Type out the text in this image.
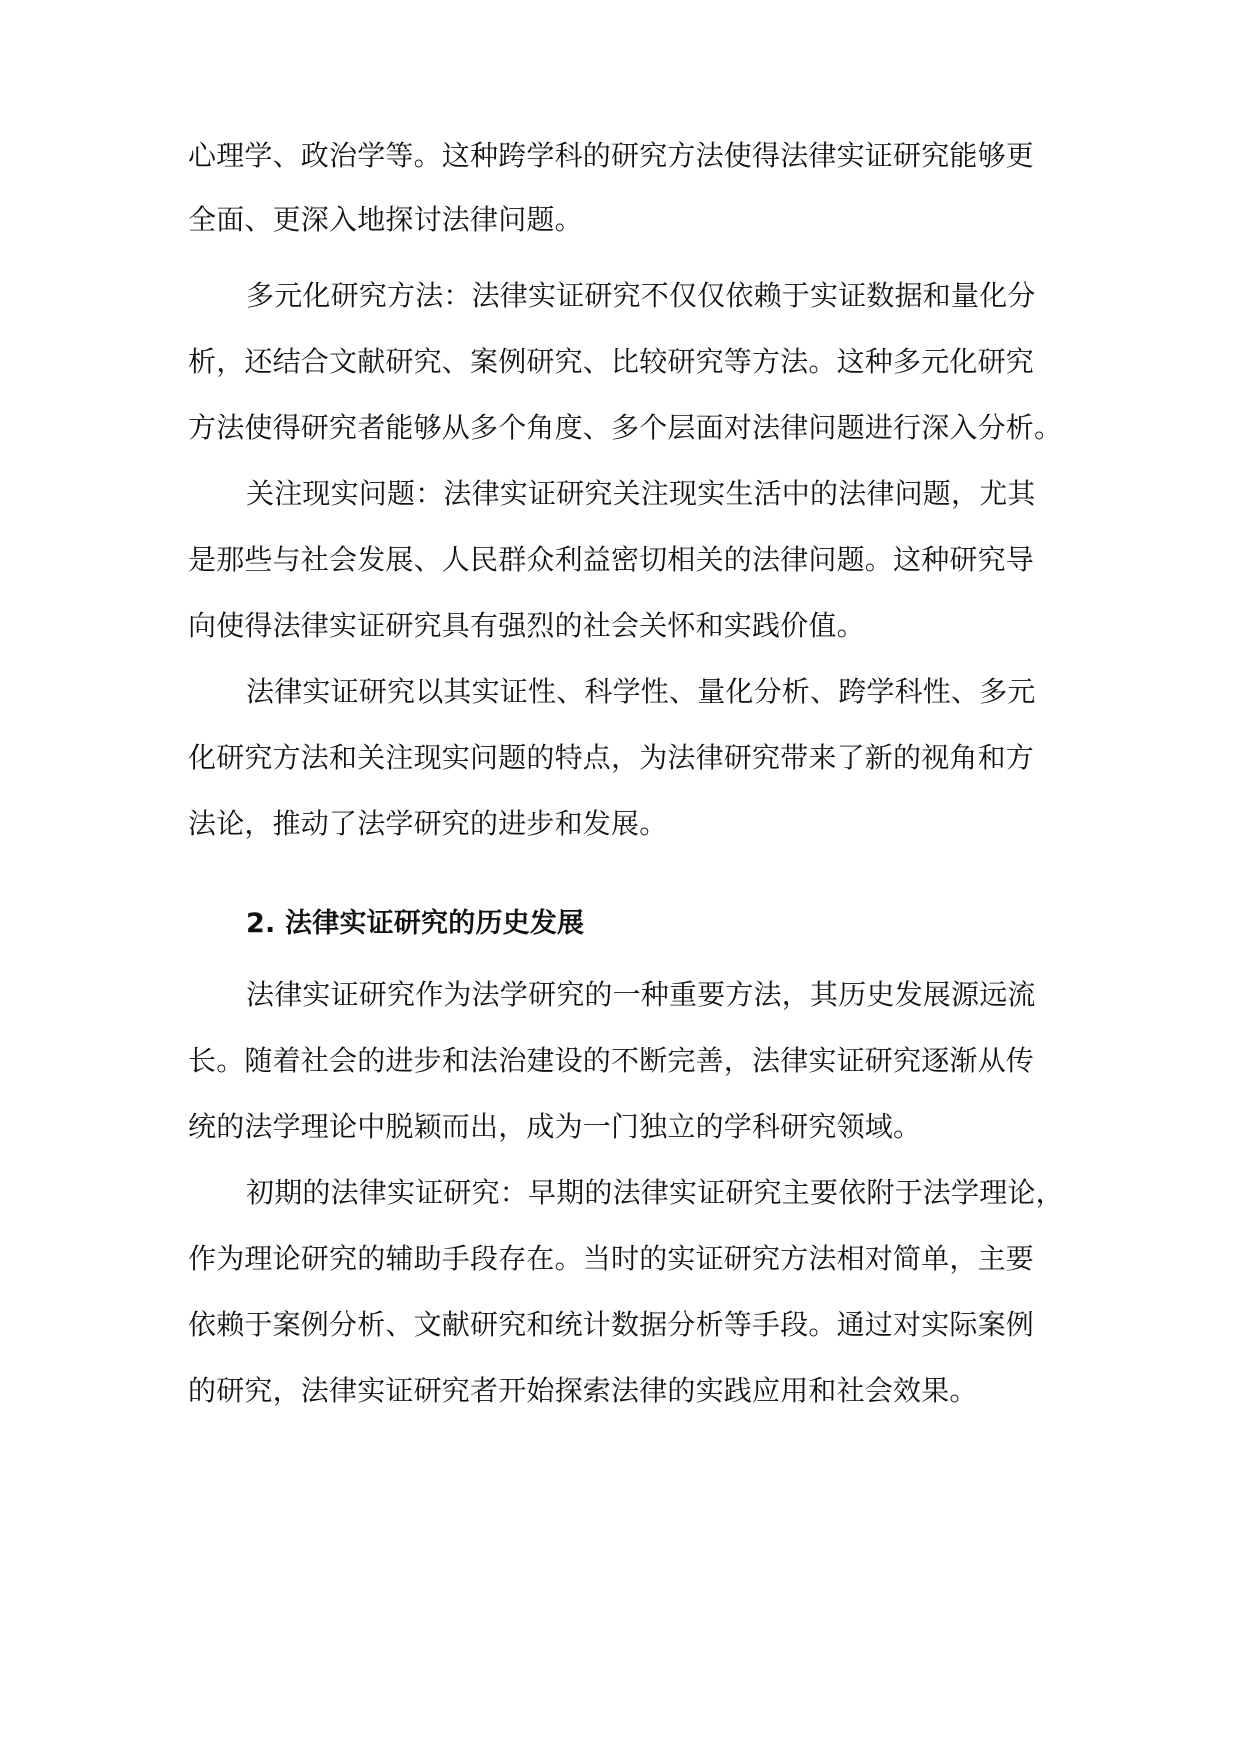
心理学、政治学等。这种跨学科的研究方法使得法律实证研究能够更
全面、更深入地探讨法律问题。
多元化研究方法：法律实证研究不仅仅依赖于实证数据和量化分
析，还结合文献研究、案例研究、比较研究等方法。这种多元化研究
方法使得研究者能够从多个角度、多个层面对法律问题进行深入分析。
关注现实问题：法律实证研究关注现实生活中的法律问题，尤其
是那些与社会发展、人民群众利益密切相关的法律问题。这种研究导
向使得法律实证研究具有强烈的社会关怀和实践价值。
法律实证研究以其实证性、科学性、量化分析、跨学科性、多元
化研究方法和关注现实问题的特点，为法律研究带来了新的视角和方
法论，推动了法学研究的进步和发展。
2. 法律实证研究的历史发展
法律实证研究作为法学研究的一种重要方法，其历史发展源远流
长。随着社会的进步和法治建设的不断完善，法律实证研究逐渐从传
统的法学理论中脱颖而出，成为一门独立的学科研究领域。
初期的法律实证研究：早期的法律实证研究主要依附于法学理论，
作为理论研究的辅助手段存在。当时的实证研究方法相对简单，主要
依赖于案例分析、文献研究和统计数据分析等手段。通过对实际案例
的研究，法律实证研究者开始探索法律的实践应用和社会效果。
